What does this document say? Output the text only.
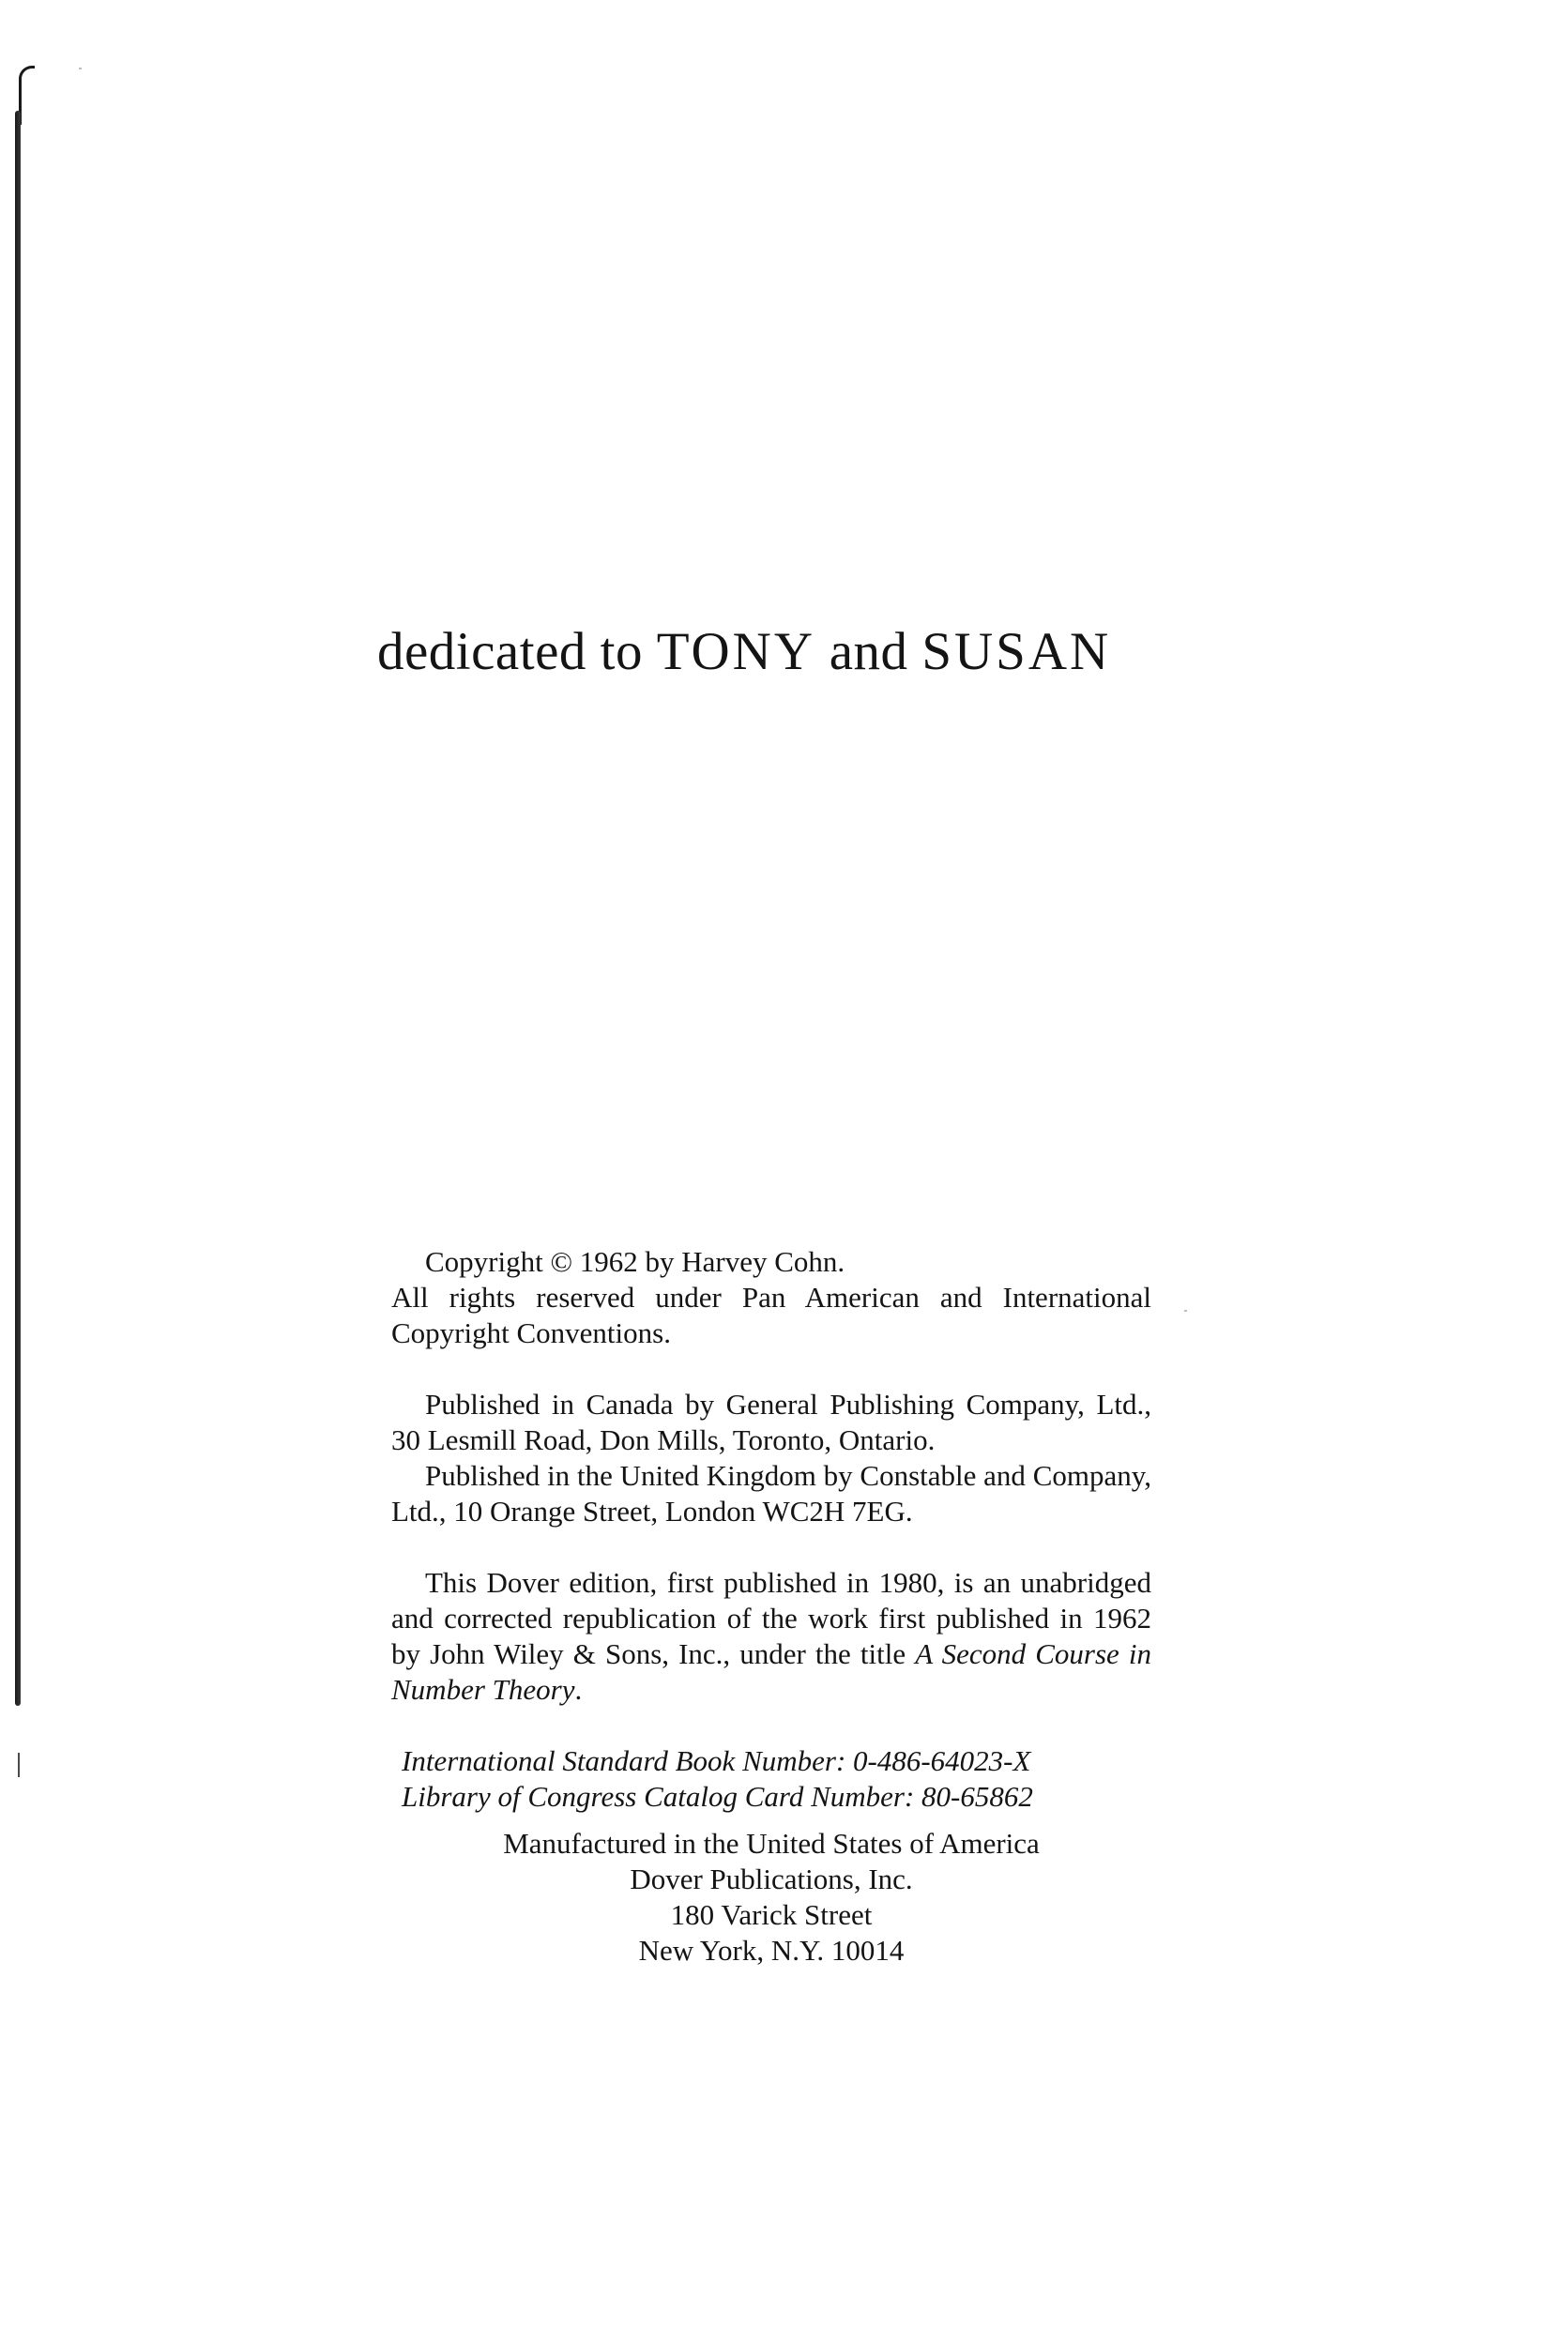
dedicated to TONY and SUSAN

Copyright © 1962 by Harvey Cohn.

All rights reserved under Pan American and International Copyright Conventions.

Published in Canada by General Publishing Company, Ltd., 30 Lesmill Road, Don Mills, Toronto, Ontario.

Published in the United Kingdom by Constable and Company, Ltd., 10 Orange Street, London WC2H 7EG.

This Dover edition, first published in 1980, is an unabridged and corrected republication of the work first published in 1962 by John Wiley & Sons, Inc., under the title A Second Course in Number Theory.

International Standard Book Number: 0-486-64023-X

Library of Congress Catalog Card Number: 80-65862

Manufactured in the United States of America
Dover Publications, Inc.
180 Varick Street
New York, N.Y. 10014
